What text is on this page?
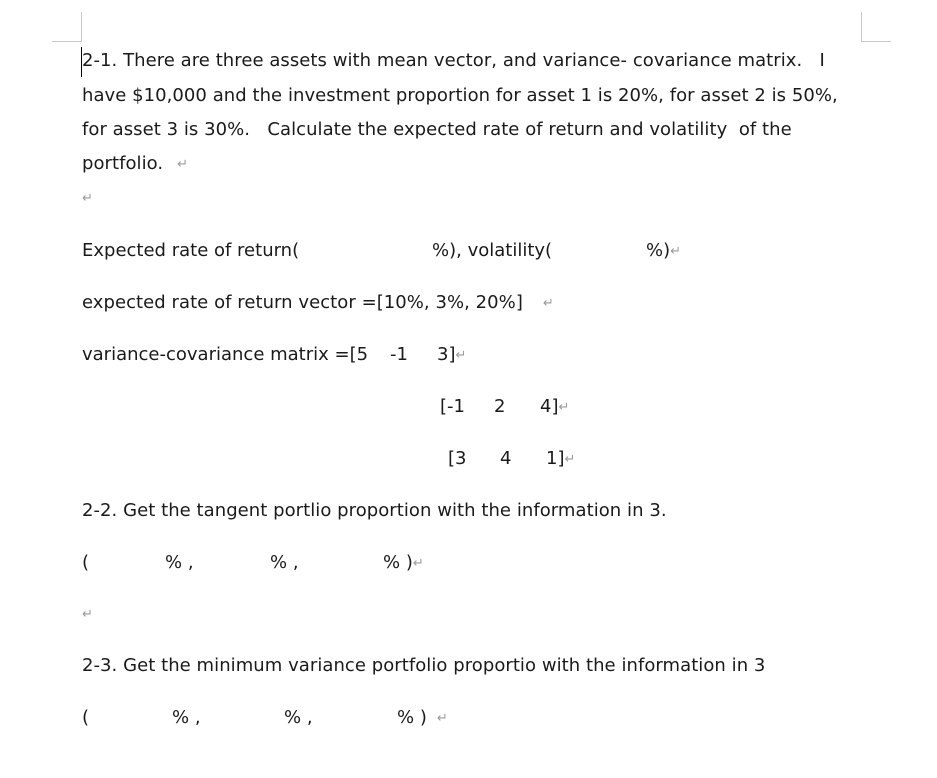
2-1. There are three assets with mean vector, and variance- covariance matrix.   I
have $10,000 and the investment proportion for asset 1 is 20%, for asset 2 is 50%,
for asset 3 is 30%.   Calculate the expected rate of return and volatility  of the
portfolio. ↵
↵
Expected rate of return(	%), volatility(	%)↵
expected rate of return vector =[10%, 3%, 20%] ↵
variance-covariance matrix =[5 -1 3]↵
[-1 2 4]↵
[3 4 1]↵
2-2. Get the tangent portlio proportion with the information in 3.
(	% ,	% ,	% )↵
↵
2-3. Get the minimum variance portfolio proportio with the information in 3
(	% ,	% ,	% ) ↵
